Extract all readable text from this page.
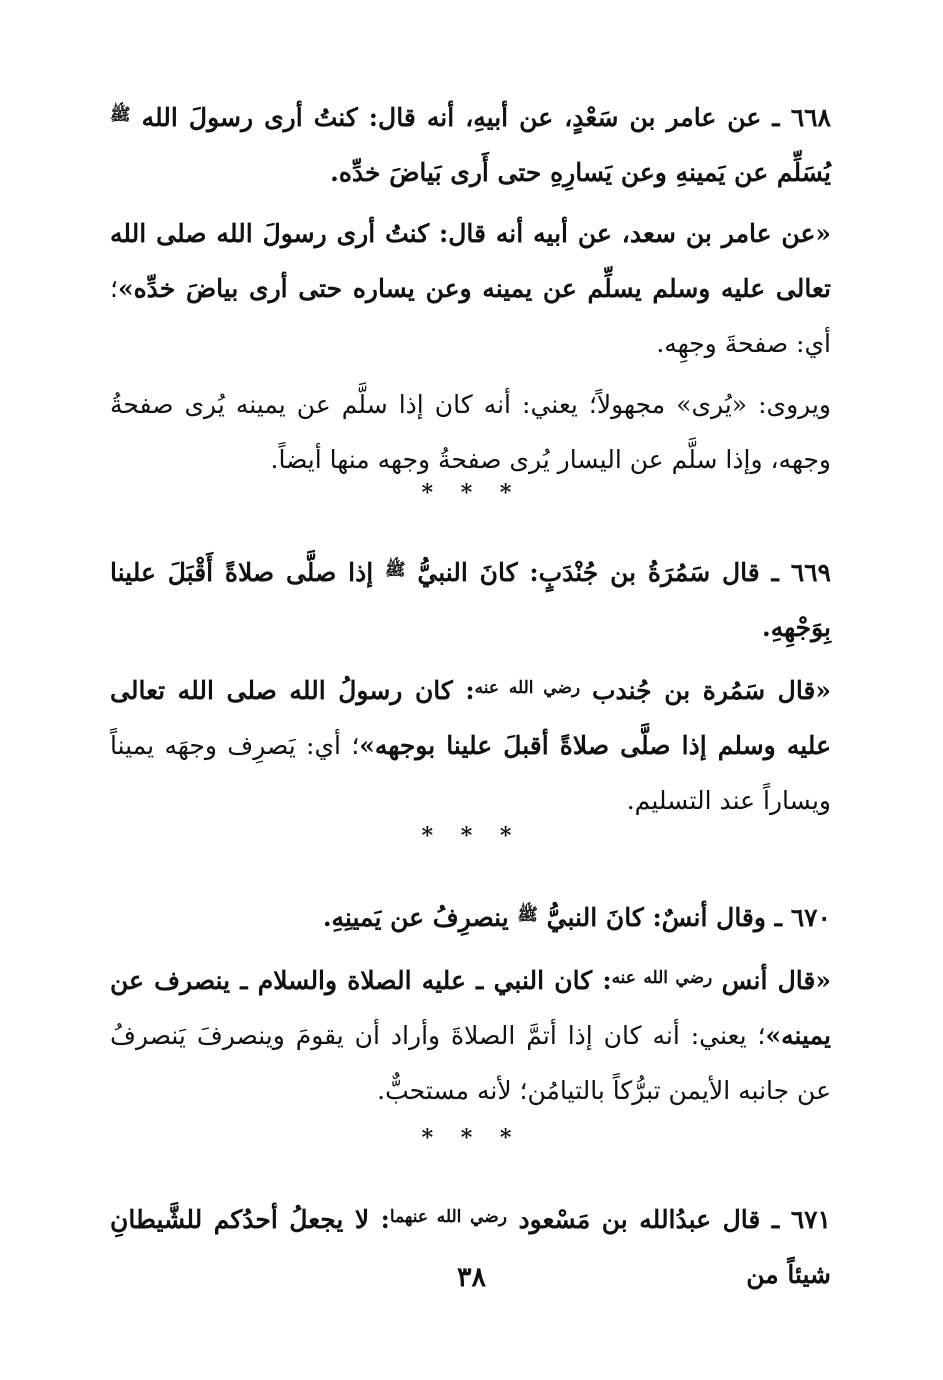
٦٦٨ ـ عن عامر بن سَعْدٍ، عن أبيهِ، أنه قال: كنتُ أرى رسولَ الله $^ﷺ$ يُسَلِّم عن يَمينهِ وعن يَسارِهِ حتى أَرى بَياضَ خدِّه.

«عن عامر بن سعد، عن أبيه أنه قال: كنتُ أرى رسولَ الله صلى الله تعالى عليه وسلم يسلِّم عن يمينه وعن يساره حتى أرى بياضَ خدِّه»؛ أي: صفحةَ وجهِه.

ويروى: «يُرى» مجهولاً؛ يعني: أنه كان إذا سلَّم عن يمينه يُرى صفحةُ وجهه، وإذا سلَّم عن اليسار يُرى صفحةُ وجهه منها أيضاً.

* * *

٦٦٩ ـ قال سَمُرَةُ بن جُنْدَبٍ: كانَ النبيُّ $^ﷺ$ إذا صلَّى صلاةً أَقْبَلَ علينا بِوَجْهِهِ.

«قال سَمُرة بن جُندب $^{رضي الله عنه}$: كان رسولُ الله صلى الله تعالى عليه وسلم إذا صلَّى صلاةً أقبلَ علينا بوجهه»؛ أي: يَصرِف وجهَه يميناً ويساراً عند التسليم.

* * *

٦٧٠ ـ وقال أنسٌ: كانَ النبيُّ $^ﷺ$ ينصرِفُ عن يَمينِهِ.

«قال أنس $^{رضي الله عنه}$: كان النبي ـ عليه الصلاة والسلام ـ ينصرف عن يمينه»؛ يعني: أنه كان إذا أتمَّ الصلاةَ وأراد أن يقومَ وينصرفَ يَنصرفُ عن جانبه الأيمن تبرُّكاً بالتيامُن؛ لأنه مستحبٌّ.

* * *

٦٧١ ـ قال عبدُالله بن مَسْعود $^{رضي الله عنهما}$: لا يجعلُ أحدُكم للشَّيطانِ شيئاً من

٣٨
